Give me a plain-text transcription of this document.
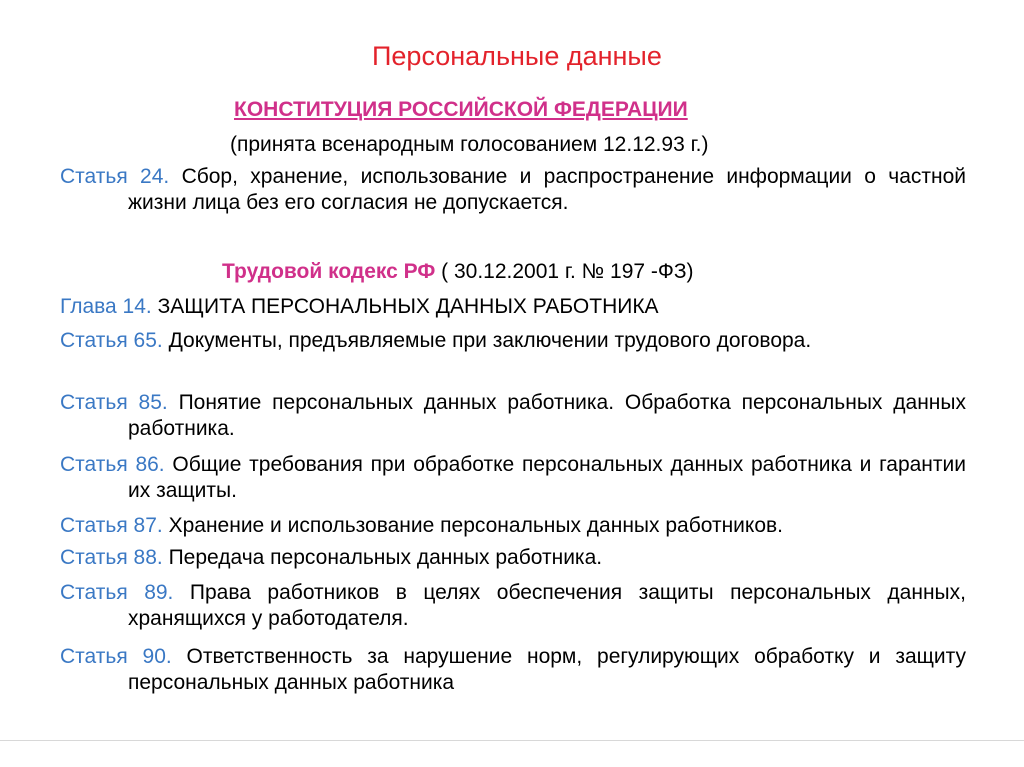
Персональные данные
КОНСТИТУЦИЯ РОССИЙСКОЙ ФЕДЕРАЦИИ
(принята всенародным голосованием 12.12.93 г.)
Статья 24. Сбор, хранение, использование и распространение информации о частной жизни лица без его согласия не допускается.
Трудовой кодекс РФ ( 30.12.2001 г. № 197 -ФЗ)
Глава 14. ЗАЩИТА ПЕРСОНАЛЬНЫХ ДАННЫХ РАБОТНИКА
Статья 65. Документы, предъявляемые при заключении трудового договора.
Статья 85. Понятие персональных данных работника. Обработка персональных данных работника.
Статья 86. Общие требования при обработке персональных данных работника и гарантии их защиты.
Статья 87. Хранение и использование персональных данных работников.
Статья 88. Передача персональных данных работника.
Статья 89. Права работников в целях обеспечения защиты персональных данных, хранящихся у работодателя.
Статья 90. Ответственность за нарушение норм, регулирующих обработку и защиту персональных данных работника
